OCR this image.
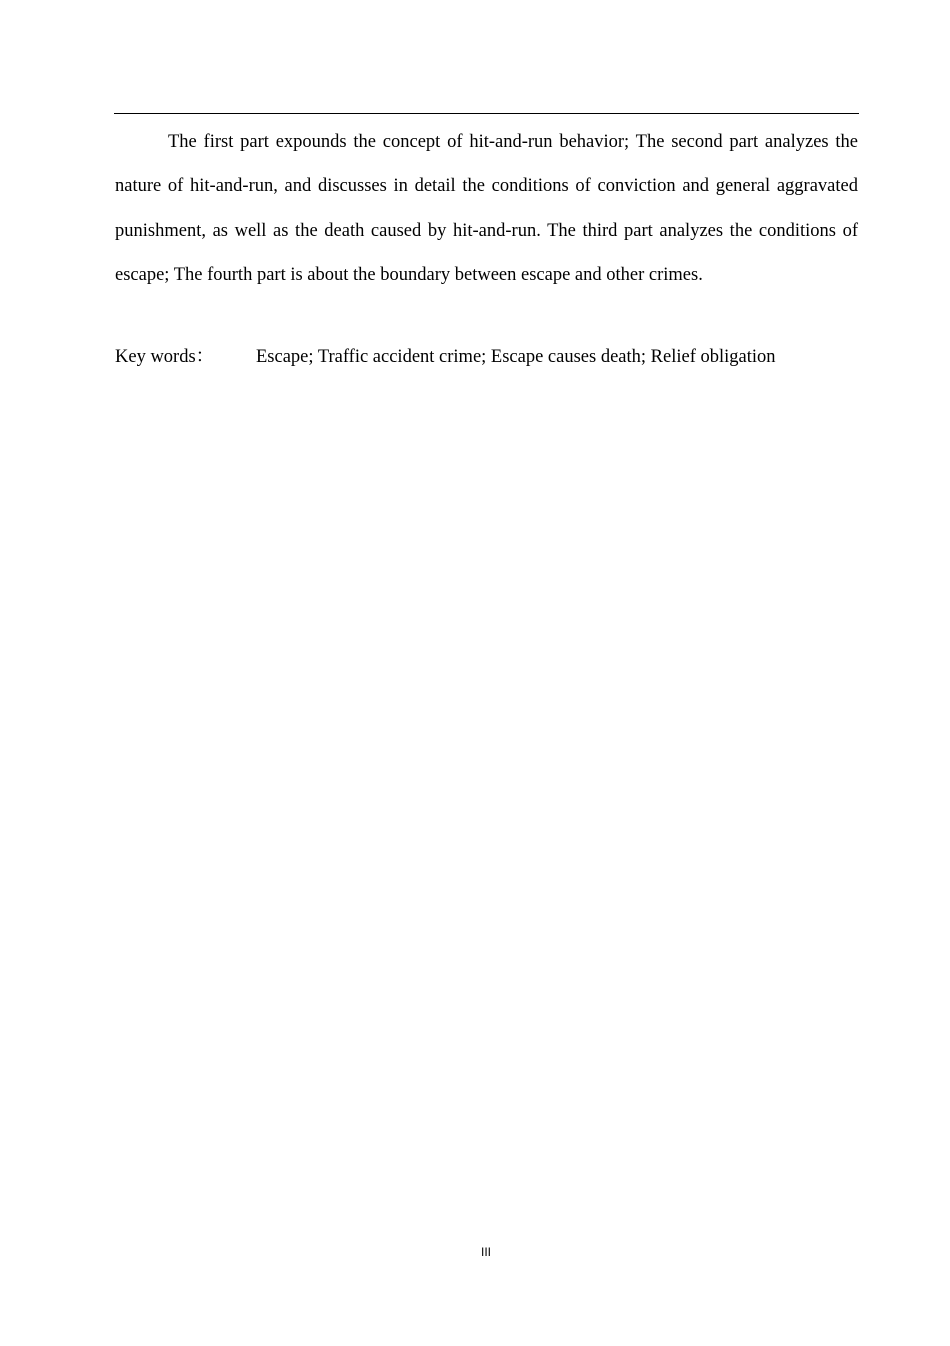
The first part expounds the concept of hit-and-run behavior; The second part analyzes the nature of hit-and-run, and discusses in detail the conditions of conviction and general aggravated punishment, as well as the death caused by hit-and-run. The third part analyzes the conditions of escape; The fourth part is about the boundary between escape and other crimes.

Key words： Escape; Traffic accident crime; Escape causes death; Relief obligation
III
